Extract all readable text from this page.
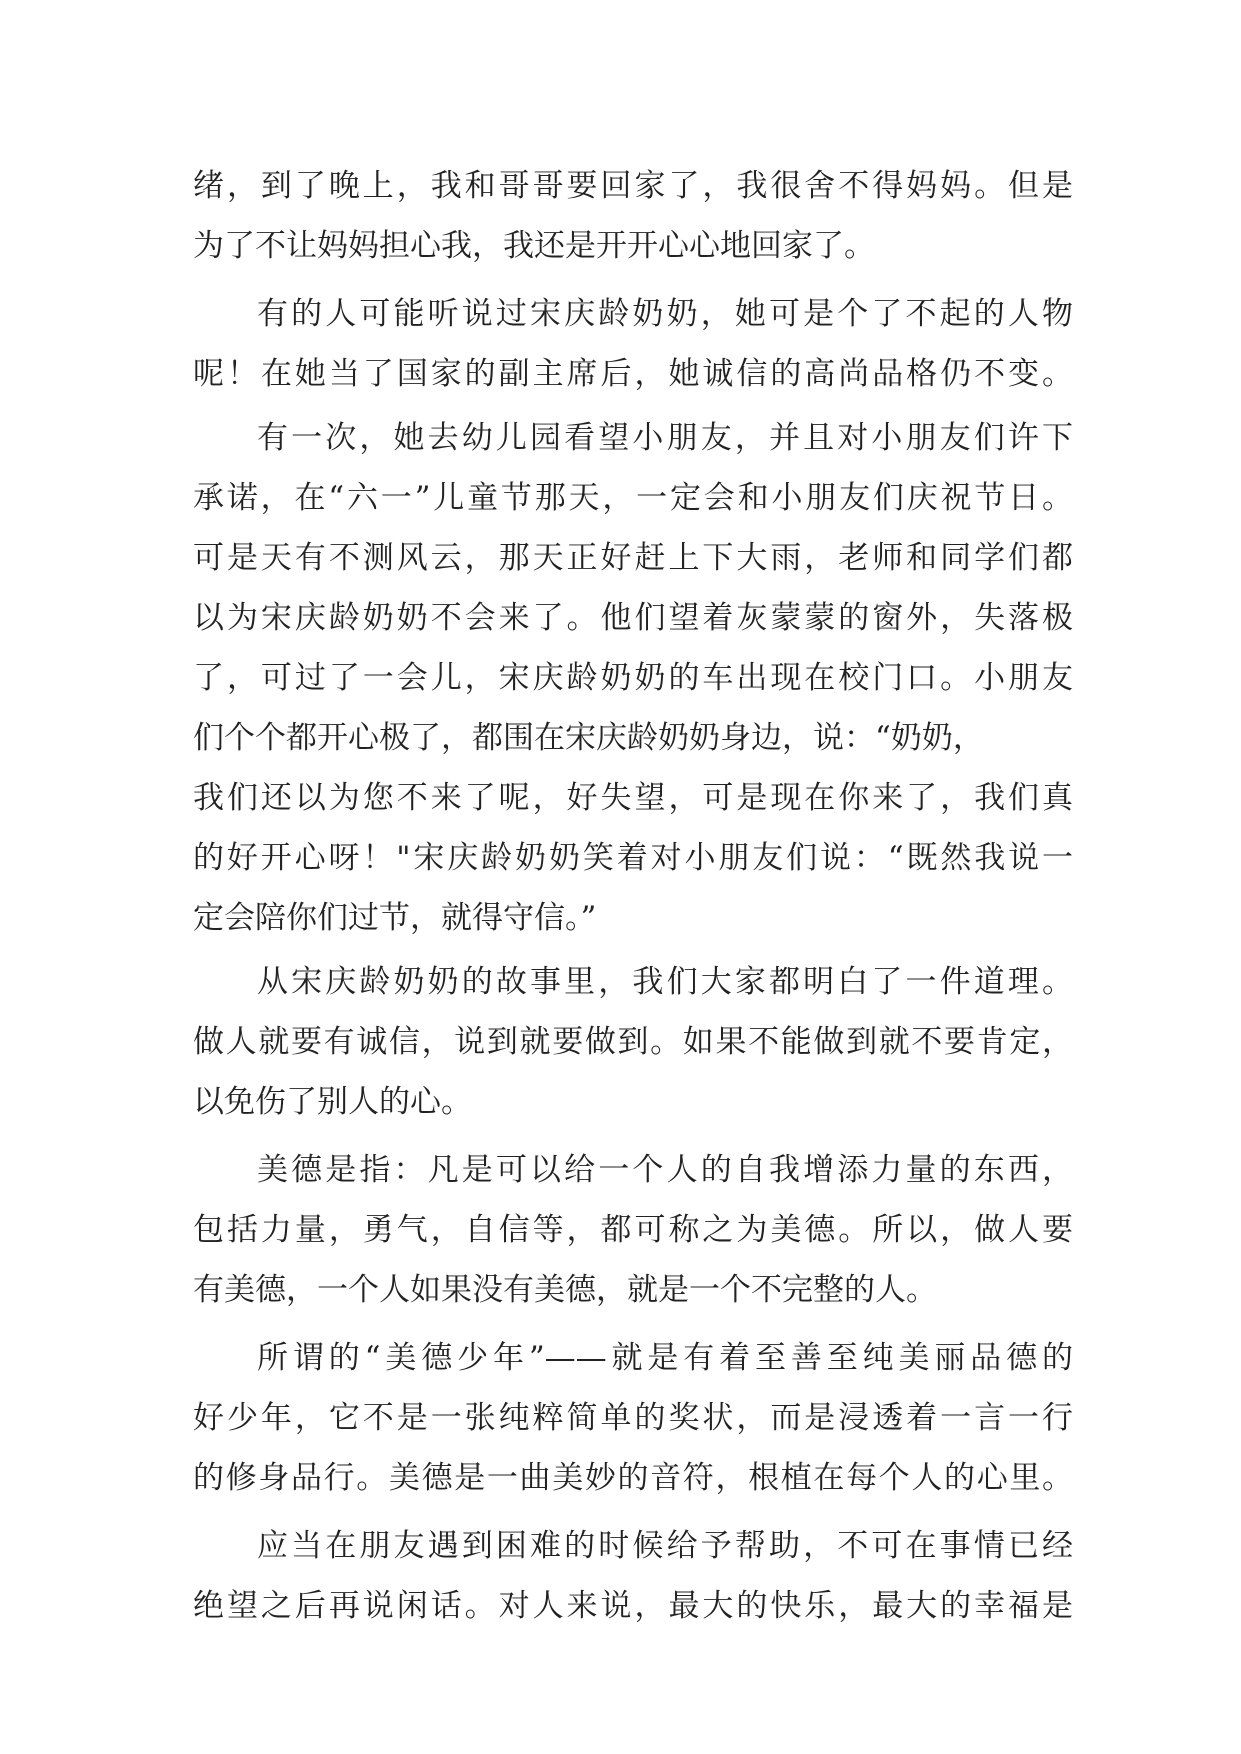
绪，到了晚上，我和哥哥要回家了，我很舍不得妈妈。但是
为了不让妈妈担心我，我还是开开心心地回家了。
有的人可能听说过宋庆龄奶奶，她可是个了不起的人物
呢！在她当了国家的副主席后，她诚信的高尚品格仍不变。
有一次，她去幼儿园看望小朋友，并且对小朋友们许下
承诺，在“六一”儿童节那天，一定会和小朋友们庆祝节日。
可是天有不测风云，那天正好赶上下大雨，老师和同学们都
以为宋庆龄奶奶不会来了。他们望着灰蒙蒙的窗外，失落极
了，可过了一会儿，宋庆龄奶奶的车出现在校门口。小朋友
们个个都开心极了，都围在宋庆龄奶奶身边，说：“奶奶，
我们还以为您不来了呢，好失望，可是现在你来了，我们真
的好开心呀！"宋庆龄奶奶笑着对小朋友们说：“既然我说一
定会陪你们过节，就得守信。”
从宋庆龄奶奶的故事里，我们大家都明白了一件道理。
做人就要有诚信，说到就要做到。如果不能做到就不要肯定，
以免伤了别人的心。
美德是指：凡是可以给一个人的自我增添力量的东西，
包括力量，勇气，自信等，都可称之为美德。所以，做人要
有美德，一个人如果没有美德，就是一个不完整的人。
所谓的“美德少年”——就是有着至善至纯美丽品德的
好少年，它不是一张纯粹简单的奖状，而是浸透着一言一行
的修身品行。美德是一曲美妙的音符，根植在每个人的心里。
应当在朋友遇到困难的时候给予帮助，不可在事情已经
绝望之后再说闲话。对人来说，最大的快乐，最大的幸福是
